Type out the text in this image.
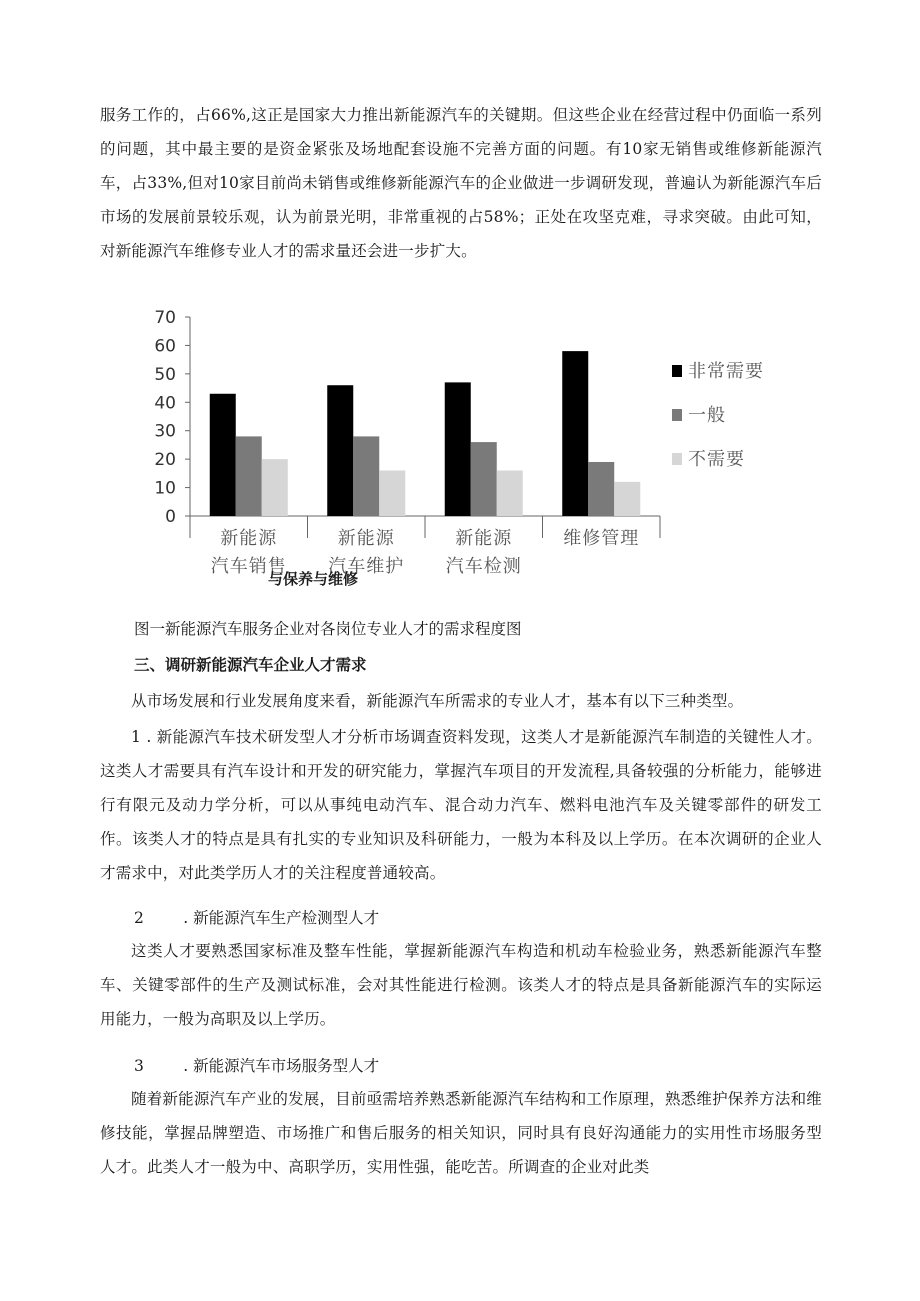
服务工作的，占66%,这正是国家大力推出新能源汽车的关键期。但这些企业在经营过程中仍面临一系列的问题，其中最主要的是资金紧张及场地配套设施不完善方面的问题。有10家无销售或维修新能源汽车，占33%,但对10家目前尚未销售或维修新能源汽车的企业做进一步调研发现，普遍认为新能源汽车后市场的发展前景较乐观，认为前景光明，非常重视的占58%；正处在攻坚克难，寻求突破。由此可知，对新能源汽车维修专业人才的需求量还会进一步扩大。
0
10
20
30
40
50
60
70
新能源
汽车销售
新能源
汽车维护
新能源
汽车检测
维修管理
非常需要
一般
不需要
与保养与维修
图一新能源汽车服务企业对各岗位专业人才的需求程度图
三、调研新能源汽车企业人才需求
从市场发展和行业发展角度来看，新能源汽车所需求的专业人才，基本有以下三种类型。
1 . 新能源汽车技术研发型人才分析市场调查资料发现，这类人才是新能源汽车制造的关键性人才。这类人才需要具有汽车设计和开发的研究能力，掌握汽车项目的开发流程,具备较强的分析能力，能够进行有限元及动力学分析，可以从事纯电动汽车、混合动力汽车、燃料电池汽车及关键零部件的研发工作。该类人才的特点是具有扎实的专业知识及科研能力，一般为本科及以上学历。在本次调研的企业人才需求中，对此类学历人才的关注程度普通较高。
2        . 新能源汽车生产检测型人才
这类人才要熟悉国家标准及整车性能，掌握新能源汽车构造和机动车检验业务，熟悉新能源汽车整车、关键零部件的生产及测试标准，会对其性能进行检测。该类人才的特点是具备新能源汽车的实际运用能力，一般为高职及以上学历。
3        . 新能源汽车市场服务型人才
随着新能源汽车产业的发展，目前亟需培养熟悉新能源汽车结构和工作原理，熟悉维护保养方法和维修技能，掌握品牌塑造、市场推广和售后服务的相关知识，同时具有良好沟通能力的实用性市场服务型人才。此类人才一般为中、高职学历，实用性强，能吃苦。所调查的企业对此类
